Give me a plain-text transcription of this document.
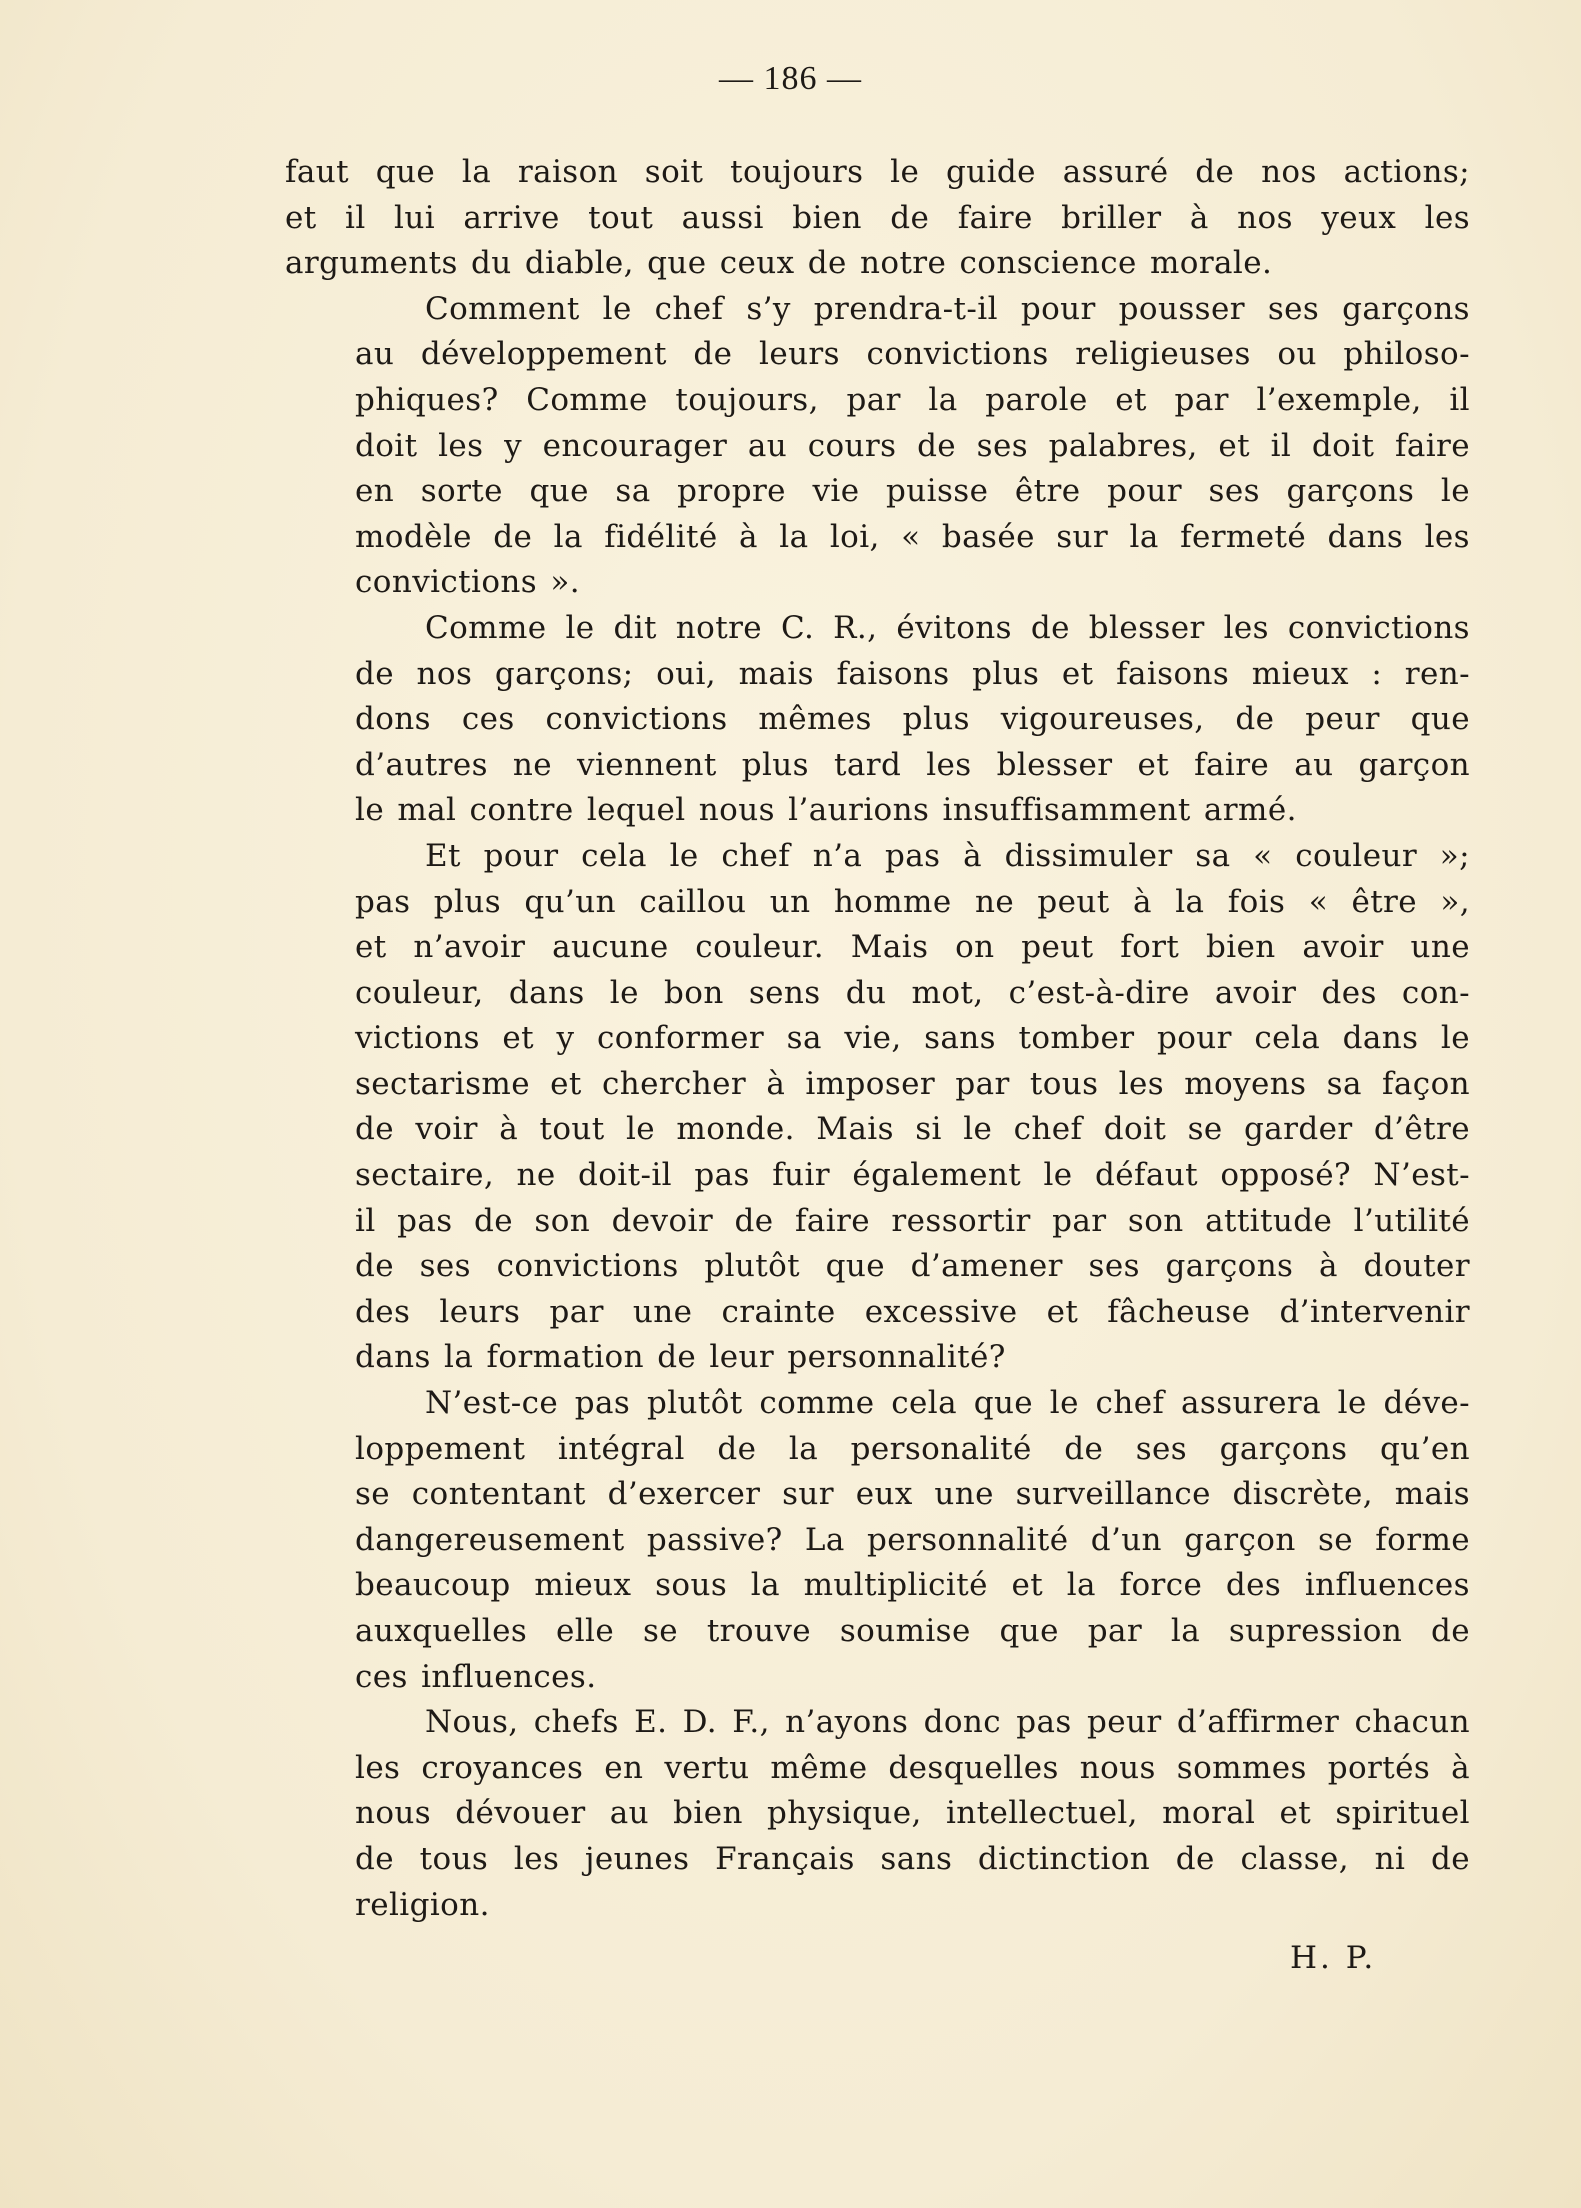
— 186 —
faut que la raison soit toujours le guide assuré de nos actions;
et il lui arrive tout aussi bien de faire briller à nos yeux les
arguments du diable, que ceux de notre conscience morale.
Comment le chef s’y prendra-t-il pour pousser ses garçons
au développement de leurs convictions religieuses ou philoso-
phiques? Comme toujours, par la parole et par l’exemple, il
doit les y encourager au cours de ses palabres, et il doit faire
en sorte que sa propre vie puisse être pour ses garçons le
modèle de la fidélité à la loi, « basée sur la fermeté dans les
convictions ».
Comme le dit notre C. R., évitons de blesser les convictions
de nos garçons; oui, mais faisons plus et faisons mieux : ren-
dons ces convictions mêmes plus vigoureuses, de peur que
d’autres ne viennent plus tard les blesser et faire au garçon
le mal contre lequel nous l’aurions insuffisamment armé.
Et pour cela le chef n’a pas à dissimuler sa « couleur »;
pas plus qu’un caillou un homme ne peut à la fois « être »,
et n’avoir aucune couleur. Mais on peut fort bien avoir une
couleur, dans le bon sens du mot, c’est-à-dire avoir des con-
victions et y conformer sa vie, sans tomber pour cela dans le
sectarisme et chercher à imposer par tous les moyens sa façon
de voir à tout le monde. Mais si le chef doit se garder d’être
sectaire, ne doit-il pas fuir également le défaut opposé? N’est-
il pas de son devoir de faire ressortir par son attitude l’utilité
de ses convictions plutôt que d’amener ses garçons à douter
des leurs par une crainte excessive et fâcheuse d’intervenir
dans la formation de leur personnalité?
N’est-ce pas plutôt comme cela que le chef assurera le déve-
loppement intégral de la personalité de ses garçons qu’en
se contentant d’exercer sur eux une surveillance discrète, mais
dangereusement passive? La personnalité d’un garçon se forme
beaucoup mieux sous la multiplicité et la force des influences
auxquelles elle se trouve soumise que par la supression de
ces influences.
Nous, chefs E. D. F., n’ayons donc pas peur d’affirmer chacun
les croyances en vertu même desquelles nous sommes portés à
nous dévouer au bien physique, intellectuel, moral et spirituel
de tous les jeunes Français sans dictinction de classe, ni de
religion.
H. P.
